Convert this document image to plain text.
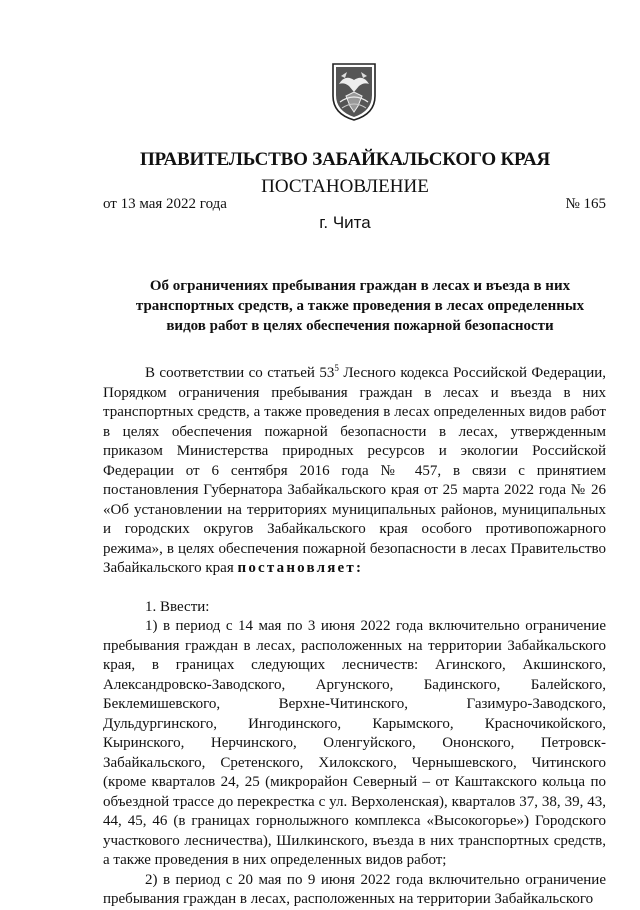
ПРАВИТЕЛЬСТВО ЗАБАЙКАЛЬСКОГО КРАЯ
ПОСТАНОВЛЕНИЕ
от 13 мая 2022 года	№ 165
г. Чита
Об ограничениях пребывания граждан в лесах и въезда в них транспортных средств, а также проведения в лесах определенных видов работ в целях обеспечения пожарной безопасности

В соответствии со статьей $53^5$ Лесного кодекса Российской Федерации, Порядком ограничения пребывания граждан в лесах и въезда в них транспортных средств, а также проведения в лесах определенных видов работ в целях обеспечения пожарной безопасности в лесах, утвержденным приказом Министерства природных ресурсов и экологии Российской Федерации от 6 сентября 2016 года № 457, в связи с принятием постановления Губернатора Забайкальского края от 25 марта 2022 года № 26 «Об установлении на территориях муниципальных районов, муниципальных и городских округов Забайкальского края особого противопожарного режима», в целях обеспечения пожарной безопасности в лесах Правительство Забайкальского края постановляет:

1. Ввести:

1) в период с 14 мая по 3 июня 2022 года включительно ограничение пребывания граждан в лесах, расположенных на территории Забайкальского края, в границах следующих лесничеств: Агинского, Акшинского, Александровско-Заводского, Аргунского, Бадинского, Балейского, Беклемишевского, Верхне-Читинского, Газимуро-Заводского, Дульдургинского, Ингодинского, Карымского, Красночикойского, Кыринского, Нерчинского, Оленгуйского, Ононского, Петровск-Забайкальского, Сретенского, Хилокского, Чернышевского, Читинского (кроме кварталов 24, 25 (микрорайон Северный – от Каштакского кольца по объездной трассе до перекрестка с ул. Верхоленская), кварталов 37, 38, 39, 43, 44, 45, 46 (в границах горнолыжного комплекса «Высокогорье») Городского участкового лесничества), Шилкинского, въезда в них транспортных средств, а также проведения в них определенных видов работ;

2) в период с 20 мая по 9 июня 2022 года включительно ограничение пребывания граждан в лесах, расположенных на территории Забайкальского
